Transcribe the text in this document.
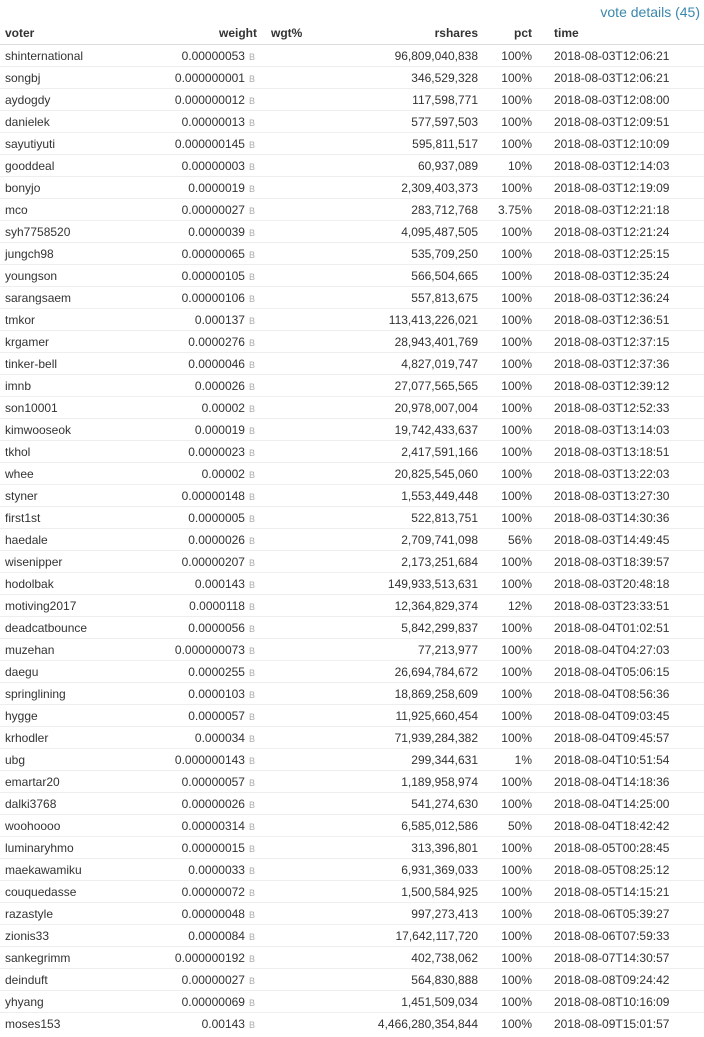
vote details (45)
voter	weight	wgt%	rshares	pct	time
shinternational	0.00000053 B		96,809,040,838	100%	2018-08-03T12:06:21
songbj	0.000000001 B		346,529,328	100%	2018-08-03T12:06:21
aydogdy	0.000000012 B		117,598,771	100%	2018-08-03T12:08:00
danielek	0.00000013 B		577,597,503	100%	2018-08-03T12:09:51
sayutiyuti	0.000000145 B		595,811,517	100%	2018-08-03T12:10:09
gooddeal	0.00000003 B		60,937,089	10%	2018-08-03T12:14:03
bonyjo	0.0000019 B		2,309,403,373	100%	2018-08-03T12:19:09
mco	0.00000027 B		283,712,768	3.75%	2018-08-03T12:21:18
syh7758520	0.0000039 B		4,095,487,505	100%	2018-08-03T12:21:24
jungch98	0.00000065 B		535,709,250	100%	2018-08-03T12:25:15
youngson	0.00000105 B		566,504,665	100%	2018-08-03T12:35:24
sarangsaem	0.00000106 B		557,813,675	100%	2018-08-03T12:36:24
tmkor	0.000137 B		113,413,226,021	100%	2018-08-03T12:36:51
krgamer	0.0000276 B		28,943,401,769	100%	2018-08-03T12:37:15
tinker-bell	0.0000046 B		4,827,019,747	100%	2018-08-03T12:37:36
imnb	0.000026 B		27,077,565,565	100%	2018-08-03T12:39:12
son10001	0.00002 B		20,978,007,004	100%	2018-08-03T12:52:33
kimwooseok	0.000019 B		19,742,433,637	100%	2018-08-03T13:14:03
tkhol	0.0000023 B		2,417,591,166	100%	2018-08-03T13:18:51
whee	0.00002 B		20,825,545,060	100%	2018-08-03T13:22:03
styner	0.00000148 B		1,553,449,448	100%	2018-08-03T13:27:30
first1st	0.0000005 B		522,813,751	100%	2018-08-03T14:30:36
haedale	0.0000026 B		2,709,741,098	56%	2018-08-03T14:49:45
wisenipper	0.00000207 B		2,173,251,684	100%	2018-08-03T18:39:57
hodolbak	0.000143 B		149,933,513,631	100%	2018-08-03T20:48:18
motiving2017	0.0000118 B		12,364,829,374	12%	2018-08-03T23:33:51
deadcatbounce	0.0000056 B		5,842,299,837	100%	2018-08-04T01:02:51
muzehan	0.000000073 B		77,213,977	100%	2018-08-04T04:27:03
daegu	0.0000255 B		26,694,784,672	100%	2018-08-04T05:06:15
springlining	0.0000103 B		18,869,258,609	100%	2018-08-04T08:56:36
hygge	0.0000057 B		11,925,660,454	100%	2018-08-04T09:03:45
krhodler	0.000034 B		71,939,284,382	100%	2018-08-04T09:45:57
ubg	0.000000143 B		299,344,631	1%	2018-08-04T10:51:54
emartar20	0.00000057 B		1,189,958,974	100%	2018-08-04T14:18:36
dalki3768	0.00000026 B		541,274,630	100%	2018-08-04T14:25:00
woohoooo	0.00000314 B		6,585,012,586	50%	2018-08-04T18:42:42
luminaryhmo	0.00000015 B		313,396,801	100%	2018-08-05T00:28:45
maekawamiku	0.0000033 B		6,931,369,033	100%	2018-08-05T08:25:12
couquedasse	0.00000072 B		1,500,584,925	100%	2018-08-05T14:15:21
razastyle	0.00000048 B		997,273,413	100%	2018-08-06T05:39:27
zionis33	0.0000084 B		17,642,117,720	100%	2018-08-06T07:59:33
sankegrimm	0.000000192 B		402,738,062	100%	2018-08-07T14:30:57
deinduft	0.00000027 B		564,830,888	100%	2018-08-08T09:24:42
yhyang	0.00000069 B		1,451,509,034	100%	2018-08-08T10:16:09
moses153	0.00143 B		4,466,280,354,844	100%	2018-08-09T15:01:57
